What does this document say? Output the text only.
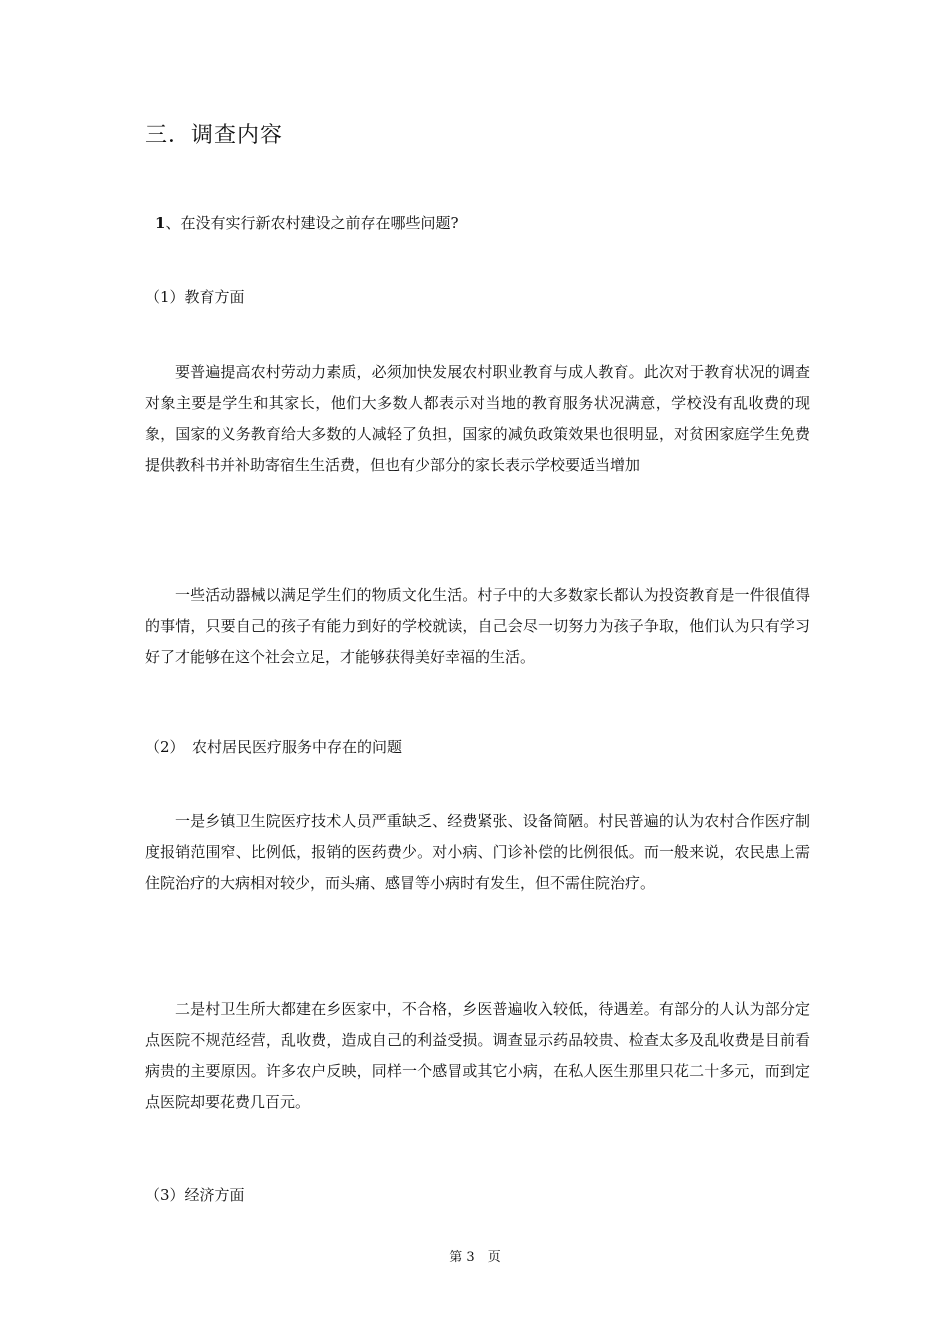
三．调查内容
1、在没有实行新农村建设之前存在哪些问题?
（1）教育方面

要普遍提高农村劳动力素质，必须加快发展农村职业教育与成人教育。此次对于教育状况的调查对象主要是学生和其家长，他们大多数人都表示对当地的教育服务状况满意，学校没有乱收费的现象，国家的义务教育给大多数的人减轻了负担，国家的减负政策效果也很明显，对贫困家庭学生免费提供教科书并补助寄宿生生活费，但也有少部分的家长表示学校要适当增加

一些活动器械以满足学生们的物质文化生活。村子中的大多数家长都认为投资教育是一件很值得的事情，只要自己的孩子有能力到好的学校就读，自己会尽一切努力为孩子争取，他们认为只有学习好了才能够在这个社会立足，才能够获得美好幸福的生活。

（2）　农村居民医疗服务中存在的问题

一是乡镇卫生院医疗技术人员严重缺乏、经费紧张、设备简陋。村民普遍的认为农村合作医疗制度报销范围窄、比例低，报销的医药费少。对小病、门诊补偿的比例很低。而一般来说，农民患上需住院治疗的大病相对较少，而头痛、感冒等小病时有发生，但不需住院治疗。

二是村卫生所大都建在乡医家中，不合格，乡医普遍收入较低，待遇差。有部分的人认为部分定点医院不规范经营，乱收费，造成自己的利益受损。调查显示药品较贵、检查太多及乱收费是目前看病贵的主要原因。许多农户反映，同样一个感冒或其它小病，在私人医生那里只花二十多元，而到定点医院却要花费几百元。

（3）经济方面
第 3　页
